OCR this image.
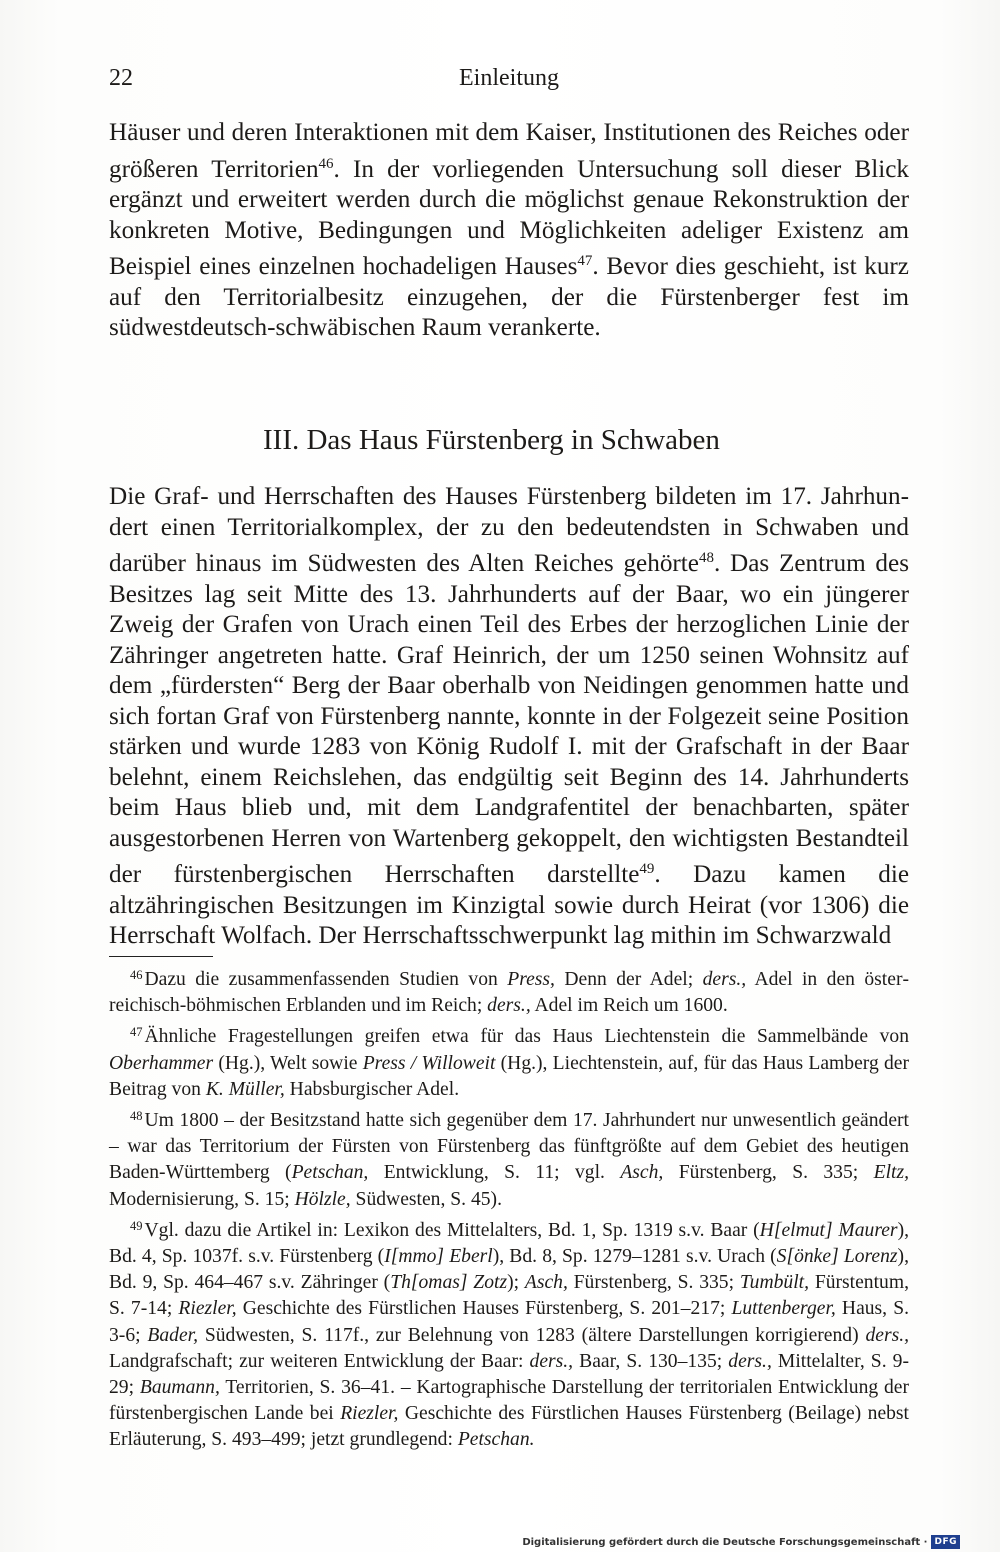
22	Einleitung

Häuser und deren Interaktionen mit dem Kaiser, Institutionen des Reiches oder größeren Territorien$^{46}$. In der vorliegenden Untersuchung soll dieser Blick ergänzt und erweitert werden durch die möglichst genaue Rekonstruktion der konkreten Motive, Bedingungen und Möglichkeiten adeliger Existenz am Beispiel eines einzelnen hochadeligen Hauses$^{47}$. Bevor dies geschieht, ist kurz auf den Territorialbesitz einzugehen, der die Fürstenberger fest im südwestdeutsch-schwäbischen Raum verankerte.

III. Das Haus Fürstenberg in Schwaben

Die Graf- und Herrschaften des Hauses Fürstenberg bildeten im 17. Jahrhundert einen Territorialkomplex, der zu den bedeutendsten in Schwaben und darüber hinaus im Südwesten des Alten Reiches gehörte$^{48}$. Das Zentrum des Besitzes lag seit Mitte des 13. Jahrhunderts auf der Baar, wo ein jüngerer Zweig der Grafen von Urach einen Teil des Erbes der herzoglichen Linie der Zähringer angetreten hatte. Graf Heinrich, der um 1250 seinen Wohnsitz auf dem „fürdersten“ Berg der Baar oberhalb von Neidingen genommen hatte und sich fortan Graf von Fürstenberg nannte, konnte in der Folgezeit seine Position stärken und wurde 1283 von König Rudolf I. mit der Grafschaft in der Baar belehnt, einem Reichslehen, das endgültig seit Beginn des 14. Jahrhunderts beim Haus blieb und, mit dem Landgrafentitel der benachbarten, später ausgestorbenen Herren von Wartenberg gekoppelt, den wichtigsten Bestandteil der fürstenbergischen Herrschaften darstellte$^{49}$. Dazu kamen die altzähringischen Besitzungen im Kinzigtal sowie durch Heirat (vor 1306) die Herrschaft Wolfach. Der Herrschaftsschwerpunkt lag mithin im Schwarzwald

$^{46}$ Dazu die zusammenfassenden Studien von Press, Denn der Adel; ders., Adel in den österreichisch-böhmischen Erblanden und im Reich; ders., Adel im Reich um 1600.

$^{47}$ Ähnliche Fragestellungen greifen etwa für das Haus Liechtenstein die Sammelbände von Oberhammer (Hg.), Welt sowie Press / Willoweit (Hg.), Liechtenstein, auf, für das Haus Lamberg der Beitrag von K. Müller, Habsburgischer Adel.

$^{48}$ Um 1800 – der Besitzstand hatte sich gegenüber dem 17. Jahrhundert nur unwesentlich geändert – war das Territorium der Fürsten von Fürstenberg das fünftgrößte auf dem Gebiet des heutigen Baden-Württemberg (Petschan, Entwicklung, S. 11; vgl. Asch, Fürstenberg, S. 335; Eltz, Modernisierung, S. 15; Hölzle, Südwesten, S. 45).

$^{49}$ Vgl. dazu die Artikel in: Lexikon des Mittelalters, Bd. 1, Sp. 1319 s.v. Baar (H[elmut] Maurer), Bd. 4, Sp. 1037f. s.v. Fürstenberg (I[mmo] Eberl), Bd. 8, Sp. 1279–1281 s.v. Urach (S[önke] Lorenz), Bd. 9, Sp. 464–467 s.v. Zähringer (Th[omas] Zotz); Asch, Fürstenberg, S. 335; Tumbült, Fürstentum, S. 7-14; Riezler, Geschichte des Fürstlichen Hauses Fürstenberg, S. 201–217; Luttenberger, Haus, S. 3-6; Bader, Südwesten, S. 117f., zur Belehnung von 1283 (ältere Darstellungen korrigierend) ders., Landgrafschaft; zur weiteren Entwicklung der Baar: ders., Baar, S. 130–135; ders., Mittelalter, S. 9-29; Baumann, Territorien, S. 36–41. – Kartographische Darstellung der territorialen Entwicklung der fürstenbergischen Lande bei Riezler, Geschichte des Fürstlichen Hauses Fürstenberg (Beilage) nebst Erläuterung, S. 493–499; jetzt grundlegend: Petschan.

Digitalisierung gefördert durch die Deutsche Forschungsgemeinschaft · DFG
